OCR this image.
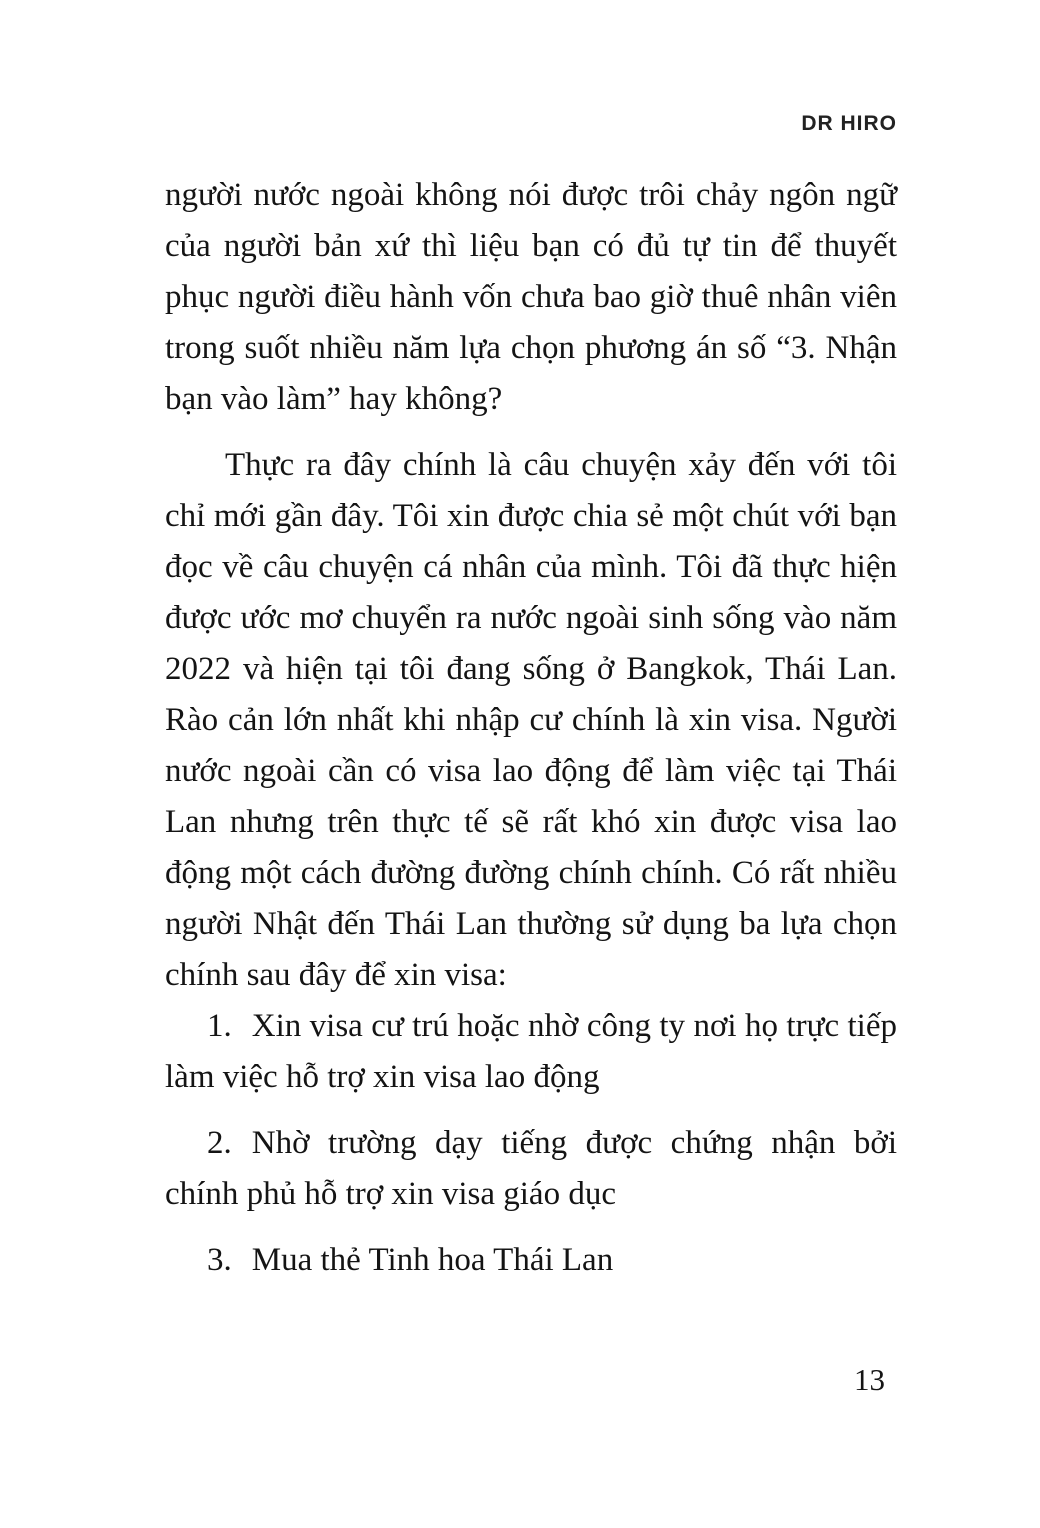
DR HIRO

người nước ngoài không nói được trôi chảy ngôn ngữ của người bản xứ thì liệu bạn có đủ tự tin để thuyết phục người điều hành vốn chưa bao giờ thuê nhân viên trong suốt nhiều năm lựa chọn phương án số “3. Nhận bạn vào làm” hay không?

Thực ra đây chính là câu chuyện xảy đến với tôi chỉ mới gần đây. Tôi xin được chia sẻ một chút với bạn đọc về câu chuyện cá nhân của mình. Tôi đã thực hiện được ước mơ chuyển ra nước ngoài sinh sống vào năm 2022 và hiện tại tôi đang sống ở Bangkok, Thái Lan. Rào cản lớn nhất khi nhập cư chính là xin visa. Người nước ngoài cần có visa lao động để làm việc tại Thái Lan nhưng trên thực tế sẽ rất khó xin được visa lao động một cách đường đường chính chính. Có rất nhiều người Nhật đến Thái Lan thường sử dụng ba lựa chọn chính sau đây để xin visa:

1. Xin visa cư trú hoặc nhờ công ty nơi họ trực tiếp làm việc hỗ trợ xin visa lao động

2. Nhờ trường dạy tiếng được chứng nhận bởi chính phủ hỗ trợ xin visa giáo dục

3. Mua thẻ Tinh hoa Thái Lan

13
